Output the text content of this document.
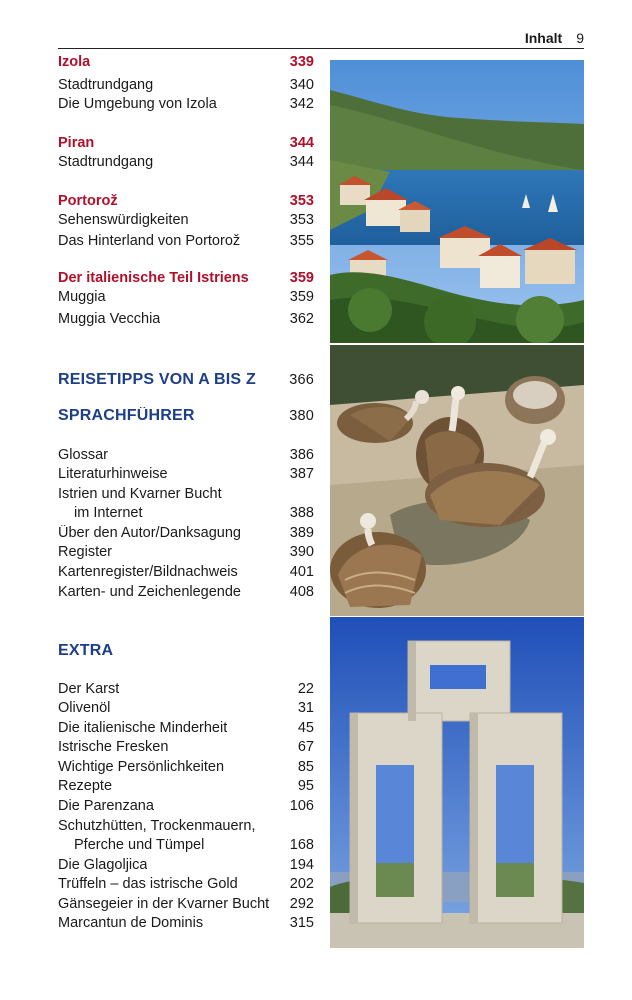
Inhalt 9
Izola	339
Stadtrundgang	340
Die Umgebung von Izola	342
Piran	344
Stadtrundgang	344
Portorož	353
Sehenswürdigkeiten	353
Das Hinterland von Portorož	355
Der italienische Teil Istriens	359
Muggia	359
Muggia Vecchia	362
REISETIPPS VON A BIS Z 366
SPRACHFÜHRER	380
Glossar	386
Literaturhinweise	387
Istrien und Kvarner Bucht
im Internet	388
Über den Autor/Danksagung	389
Register	390
Kartenregister/Bildnachweis	401
Karten- und Zeichenlegende	408
EXTRA
Der Karst	22
Olivenöl	31
Die italienische Minderheit	45
Istrische Fresken	67
Wichtige Persönlichkeiten	85
Rezepte	95
Die Parenzana	106
Schutzhütten, Trockenmauern,
Pferche und Tümpel	168
Die Glagoljica	194
Trüffeln – das istrische Gold	202
Gänsegeier in der Kvarner Bucht 292
Marcantun de Dominis	315
